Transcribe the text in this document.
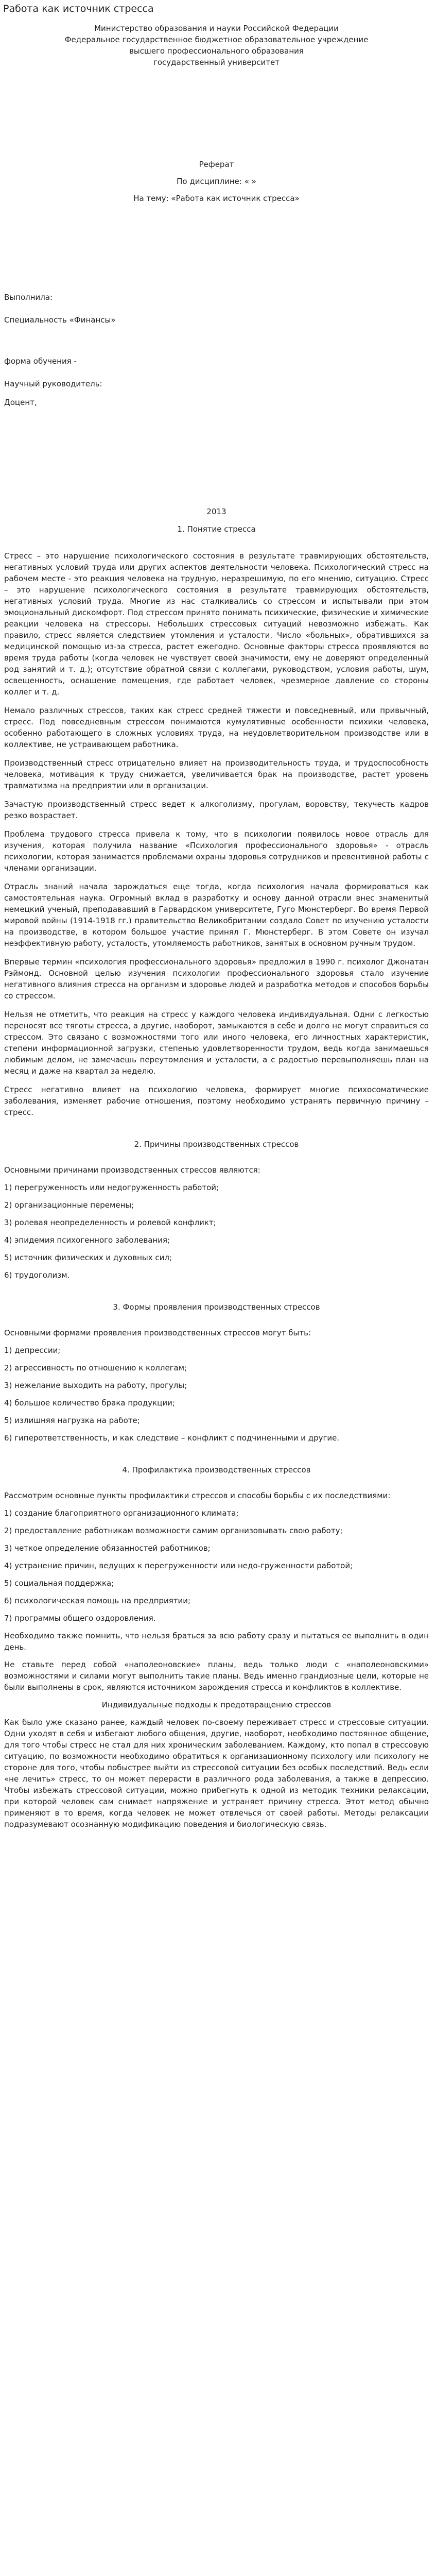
Работа как источник стресса

Министерство образования и науки Российской Федерации

Федеральное государственное бюджетное образовательное учреждение

высшего профессионального образования

государственный университет

Реферат

По дисциплине: « »

На тему: «Работа как источник стресса»

Выполнила:

Специальность «Финансы»

форма обучения -

Научный руководитель:

Доцент,

2013

1. Понятие стресса

Стресс – это нарушение психологического состояния в результате травмирующих обстоятельств, негативных условий труда или других аспектов деятельности человека. Психологический стресс на рабочем месте - это реакция человека на трудную, неразрешимую, по его мнению, ситуацию. Стресс – это нарушение психологического состояния в результате травмирующих обстоятельств, негативных условий труда. Многие из нас сталкивались со стрессом и испытывали при этом эмоциональный дискомфорт. Под стрессом принято понимать психические, физические и химические реакции человека на стрессоры. Небольших стрессовых ситуаций невозможно избежать. Как правило, стресс является следствием утомления и усталости. Число «больных», обратившихся за медицинской помощью из-за стресса, растет ежегодно. Основные факторы стресса проявляются во время труда работы (когда человек не чувствует своей значимости, ему не доверяют определенный род занятий и т. д.); отсутствие обратной связи с коллегами, руководством, условия работы, шум, освещенность, оснащение помещения, где работает человек, чрезмерное давление со стороны коллег и т. д.

Немало различных стрессов, таких как стресс средней тяжести и повседневный, или привычный, стресс. Под повседневным стрессом понимаются кумулятивные особенности психики человека, особенно работающего в сложных условиях труда, на неудовлетворительном производстве или в коллективе, не устраивающем работника.

Производственный стресс отрицательно влияет на производительность труда, и трудоспособность человека, мотивация к труду снижается, увеличивается брак на производстве, растет уровень травматизма на предприятии или в организации.

Зачастую производственный стресс ведет к алкоголизму, прогулам, воровству, текучесть кадров резко возрастает.

Проблема трудового стресса привела к тому, что в психологии появилось новое отрасль для изучения, которая получила название «Психология профессионального здоровья» - отрасль психологии, которая занимается проблемами охраны здоровья сотрудников и превентивной работы с членами организации.

Отрасль знаний начала зарождаться еще тогда, когда психология начала формироваться как самостоятельная наука. Огромный вклад в разработку и основу данной отрасли внес знаменитый немецкий ученый, преподававший в Гарвардском университете, Гуго Мюнстерберг. Во время Первой мировой войны (1914-1918 гг.) правительство Великобритании создало Совет по изучению усталости на производстве, в котором большое участие принял Г. Мюнстерберг. В этом Совете он изучал неэффективную работу, усталость, утомляемость работников, занятых в основном ручным трудом.

Впервые термин «психология профессионального здоровья» предложил в 1990 г. психолог Джонатан Рэймонд. Основной целью изучения психологии профессионального здоровья стало изучение негативного влияния стресса на организм и здоровье людей и разработка методов и способов борьбы со стрессом.

Нельзя не отметить, что реакция на стресс у каждого человека индивидуальная. Одни с легкостью переносят все тяготы стресса, а другие, наоборот, замыкаются в себе и долго не могут справиться со стрессом. Это связано с возможностями того или иного человека, его личностных характеристик, степени информационной загрузки, степенью удовлетворенности трудом, ведь когда занимаешься любимым делом, не замечаешь переутомления и усталости, а с радостью перевыполняешь план на месяц и даже на квартал за неделю.

Стресс негативно влияет на психологию человека, формирует многие психосоматические заболевания, изменяет рабочие отношения, поэтому необходимо устранять первичную причину – стресс.

2. Причины производственных стрессов

Основными причинами производственных стрессов являются:

1) перегруженность или недогруженность работой;

2) организационные перемены;

3) ролевая неопределенность и ролевой конфликт;

4) эпидемия психогенного заболевания;

5) источник физических и духовных сил;

6) трудоголизм.

3. Формы проявления производственных стрессов

Основными формами проявления производственных стрессов могут быть:

1) депрессии;

2) агрессивность по отношению к коллегам;

3) нежелание выходить на работу, прогулы;

4) большое количество брака продукции;

5) излишняя нагрузка на работе;

6) гиперответственность, и как следствие – конфликт с подчиненными и другие.

4. Профилактика производственных стрессов

Рассмотрим основные пункты профилактики стрессов и способы борьбы с их последствиями:

1) создание благоприятного организационного климата;

2) предоставление работникам возможности самим организовывать свою работу;

3) четкое определение обязанностей работников;

4) устранение причин, ведущих к перегруженности или недо-груженности работой;

5) социальная поддержка;

6) психологическая помощь на предприятии;

7) программы общего оздоровления.

Необходимо также помнить, что нельзя браться за всю работу сразу и пытаться ее выполнить в один день.

Не ставьте перед собой «наполеоновские» планы, ведь только люди с «наполеоновскими» возможностями и силами могут выполнить такие планы. Ведь именно грандиозные цели, которые не были выполнены в срок, являются источником зарождения стресса и конфликтов в коллективе.

Индивидуальные подходы к предотвращению стрессов

Как было уже сказано ранее, каждый человек по-своему переживает стресс и стрессовые ситуации. Одни уходят в себя и избегают любого общения, другие, наоборот, необходимо постоянное общение, для того чтобы стресс не стал для них хроническим заболеванием. Каждому, кто попал в стрессовую ситуацию, по возможности необходимо обратиться к организационному психологу или психологу не стороне для того, чтобы побыстрее выйти из стрессовой ситуации без особых последствий. Ведь если «не лечить» стресс, то он может перерасти в различного рода заболевания, а также в депрессию. Чтобы избежать стрессовой ситуации, можно прибегнуть к одной из методик техники релаксации, при которой человек сам снимает напряжение и устраняет причину стресса. Этот метод обычно применяют в то время, когда человек не может отвлечься от своей работы. Методы релаксации подразумевают осознанную модификацию поведения и биологическую связь.
